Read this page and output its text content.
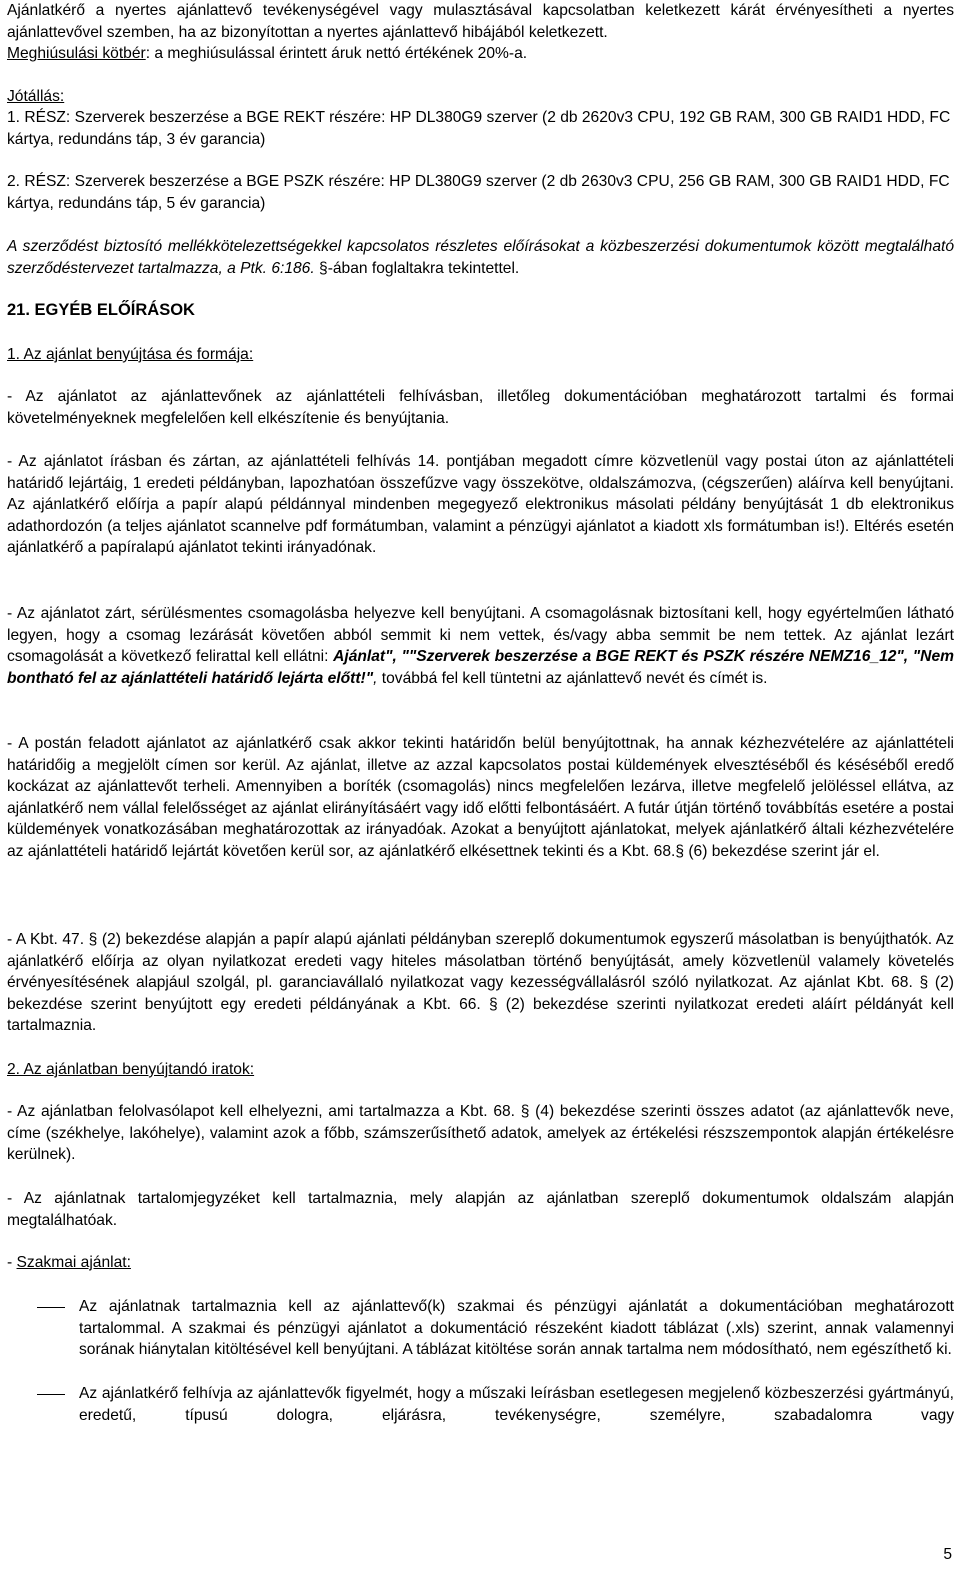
Ajánlatkérő a nyertes ajánlattevő tevékenységével vagy mulasztásával kapcsolatban keletkezett kárát érvényesítheti a nyertes ajánlattevővel szemben, ha az bizonyítottan a nyertes ajánlattevő hibájából keletkezett.

Meghiúsulási kötbér: a meghiúsulással érintett áruk nettó értékének 20%-a.

Jótállás:

1. RÉSZ: Szerverek beszerzése a BGE REKT részére: HP DL380G9 szerver (2 db 2620v3 CPU, 192 GB RAM, 300 GB RAID1 HDD, FC kártya, redundáns táp, 3 év garancia)

2. RÉSZ: Szerverek beszerzése a BGE PSZK részére: HP DL380G9 szerver (2 db 2630v3 CPU, 256 GB RAM, 300 GB RAID1 HDD, FC kártya, redundáns táp, 5 év garancia)

A szerződést biztosító mellékkötelezettségekkel kapcsolatos részletes előírásokat a közbeszerzési dokumentumok között megtalálható szerződéstervezet tartalmazza, a Ptk. 6:186. §-ában foglaltakra tekintettel.

21. EGYÉB ELŐÍRÁSOK

1. Az ajánlat benyújtása és formája:

- Az ajánlatot az ajánlattevőnek az ajánlattételi felhívásban, illetőleg dokumentációban meghatározott tartalmi és formai követelményeknek megfelelően kell elkészítenie és benyújtania.

- Az ajánlatot írásban és zártan, az ajánlattételi felhívás 14. pontjában megadott címre közvetlenül vagy postai úton az ajánlattételi határidő lejártáig, 1 eredeti példányban, lapozhatóan összefűzve vagy összekötve, oldalszámozva, (cégszerűen) aláírva kell benyújtani. Az ajánlatkérő előírja a papír alapú példánnyal mindenben megegyező elektronikus másolati példány benyújtását 1 db elektronikus adathordozón (a teljes ajánlatot scannelve pdf formátumban, valamint a pénzügyi ajánlatot a kiadott xls formátumban is!). Eltérés esetén ajánlatkérő a papíralapú ajánlatot tekinti irányadónak.

- Az ajánlatot zárt, sérülésmentes csomagolásba helyezve kell benyújtani. A csomagolásnak biztosítani kell, hogy egyértelműen látható legyen, hogy a csomag lezárását követően abból semmit ki nem vettek, és/vagy abba semmit be nem tettek. Az ajánlat lezárt csomagolását a következő felirattal kell ellátni: Ajánlat", ""Szerverek beszerzése a BGE REKT és PSZK részére NEMZ16_12", "Nem bontható fel az ajánlattételi határidő lejárta előtt!", továbbá fel kell tüntetni az ajánlattevő nevét és címét is.

- A postán feladott ajánlatot az ajánlatkérő csak akkor tekinti határidőn belül benyújtottnak, ha annak kézhezvételére az ajánlattételi határidőig a megjelölt címen sor kerül. Az ajánlat, illetve az azzal kapcsolatos postai küldemények elvesztéséből és késéséből eredő kockázat az ajánlattevőt terheli. Amennyiben a boríték (csomagolás) nincs megfelelően lezárva, illetve megfelelő jelöléssel ellátva, az ajánlatkérő nem vállal felelősséget az ajánlat elirányításáért vagy idő előtti felbontásáért. A futár útján történő továbbítás esetére a postai küldemények vonatkozásában meghatározottak az irányadóak. Azokat a benyújtott ajánlatokat, melyek ajánlatkérő általi kézhezvételére az ajánlattételi határidő lejártát követően kerül sor, az ajánlatkérő elkésettnek tekinti és a Kbt. 68.§ (6) bekezdése szerint jár el.

- A Kbt. 47. § (2) bekezdése alapján a papír alapú ajánlati példányban szereplő dokumentumok egyszerű másolatban is benyújthatók. Az ajánlatkérő előírja az olyan nyilatkozat eredeti vagy hiteles másolatban történő benyújtását, amely közvetlenül valamely követelés érvényesítésének alapjául szolgál, pl. garanciavállaló nyilatkozat vagy kezességvállalásról szóló nyilatkozat. Az ajánlat Kbt. 68. § (2) bekezdése szerint benyújtott egy eredeti példányának a Kbt. 66. § (2) bekezdése szerinti nyilatkozat eredeti aláírt példányát kell tartalmaznia.

2. Az ajánlatban benyújtandó iratok:

- Az ajánlatban felolvasólapot kell elhelyezni, ami tartalmazza a Kbt. 68. § (4) bekezdése szerinti összes adatot (az ajánlattevők neve, címe (székhelye, lakóhelye), valamint azok a főbb, számszerűsíthető adatok, amelyek az értékelési részszempontok alapján értékelésre kerülnek).

- Az ajánlatnak tartalomjegyzéket kell tartalmaznia, mely alapján az ajánlatban szereplő dokumentumok oldalszám alapján megtalálhatóak.

- Szakmai ajánlat:

Az ajánlatnak tartalmaznia kell az ajánlattevő(k) szakmai és pénzügyi ajánlatát a dokumentációban meghatározott tartalommal. A szakmai és pénzügyi ajánlatot a dokumentáció részeként kiadott táblázat (.xls) szerint, annak valamennyi sorának hiánytalan kitöltésével kell benyújtani. A táblázat kitöltése során annak tartalma nem módosítható, nem egészíthető ki.

Az ajánlatkérő felhívja az ajánlattevők figyelmét, hogy a műszaki leírásban esetlegesen megjelenő közbeszerzési gyártmányú, eredetű, típusú dologra, eljárásra, tevékenységre, személyre, szabadalomra vagy

5
